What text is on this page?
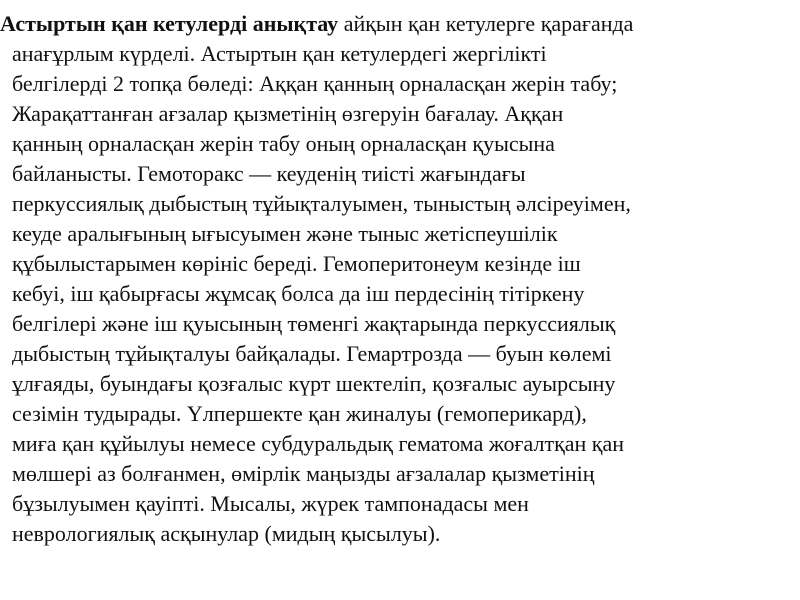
Астыртын қан кетулерді анықтау айқын қан кетулерге қарағанда
анағұрлым күрделі. Астыртын қан кетулердегі жергілікті
белгілерді 2 топқа бөледі: Аққан қанның орналасқан жерін табу;
Жарақаттанған ағзалар қызметінің өзгеруін бағалау. Аққан
қанның орналасқан жерін табу оның орналасқан қуысына
байланысты. Гемоторакс — кеуденің тиісті жағындағы
перкуссиялық дыбыстың тұйықталуымен, тыныстың әлсіреуімен,
кеуде аралығының ығысуымен және тыныс жетіспеушілік
құбылыстарымен көрініс береді. Гемоперитонеум кезінде іш
кебуі, іш қабырғасы жұмсақ болса да іш пердесінің тітіркену
белгілері және іш қуысының төменгі жақтарында перкуссиялық
дыбыстың тұйықталуы байқалады. Гемартрозда — буын көлемі
ұлғаяды, буындағы қозғалыс күрт шектеліп, қозғалыс ауырсыну
сезімін тудырады. Үлпершекте қан жиналуы (гемоперикард),
миға қан құйылуы немесе субдуральдық гематома жоғалтқан қан
мөлшері аз болғанмен, өмірлік маңызды ағзалалар қызметінің
бұзылуымен қауіпті. Мысалы, жүрек тампонадасы мен
неврологиялық асқынулар (мидың қысылуы).
